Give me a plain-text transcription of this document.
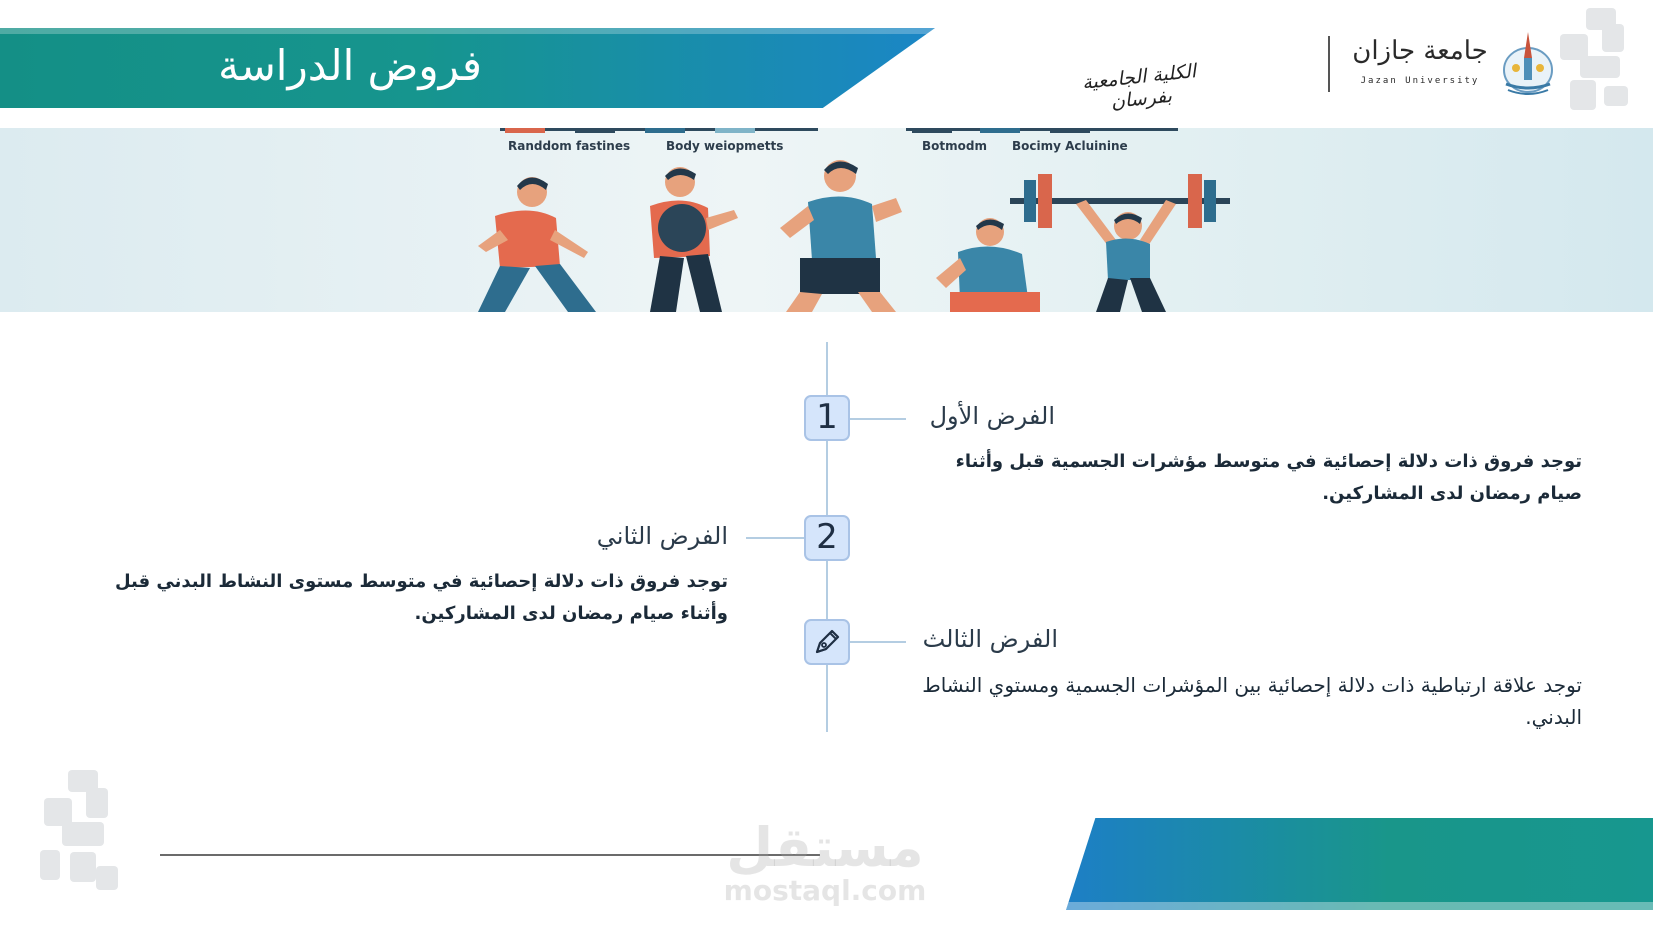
فروض الدراسة	الكلية الجامعية بفرسان
جامعة جازان
Jazan University
Randdom fastines	Body weiopmetts	Botmodm Bocimy Acluinine
1	الفرض الأول
توجد فروق ذات دلالة إحصائية في متوسط مؤشرات الجسمية قبل وأثناء صيام رمضان لدى المشاركين.
2
الفرض الثاني
توجد فروق ذات دلالة إحصائية في متوسط مستوى النشاط البدني قبل وأثناء صيام رمضان لدى المشاركين.
الفرض الثالث
توجد علاقة ارتباطية ذات دلالة إحصائية بين المؤشرات الجسمية ومستوي النشاط البدني.
مستقل
mostaql.com
